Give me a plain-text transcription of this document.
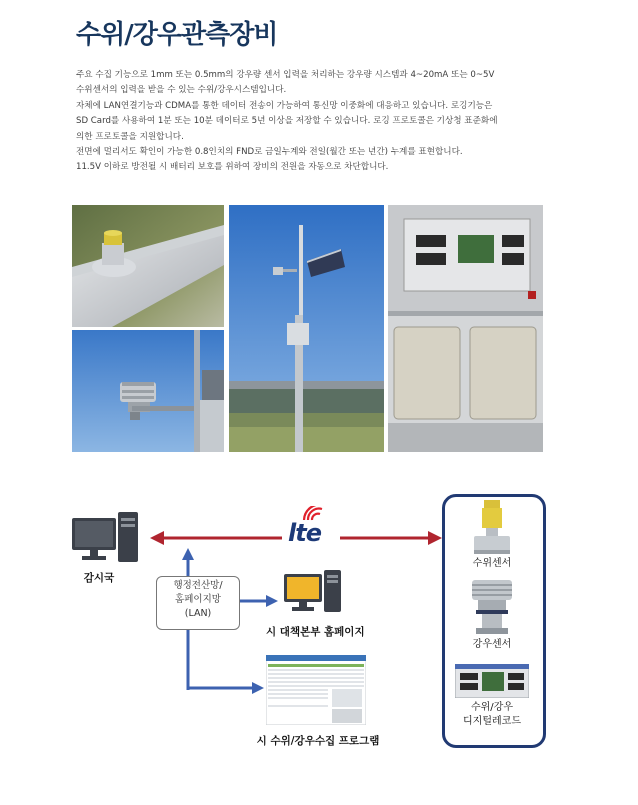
수위/강우관측장비

주요 수집 기능으로 1mm 또는 0.5mm의 강우량 센서 입력을 처리하는 강우량 시스템과 4~20mA 또는 0~5V

수위센서의 입력을 받을 수 있는 수위/강우시스템입니다.

자체에 LAN연결기능과 CDMA를 통한 데이터 전송이 가능하여 통신망 이중화에 대응하고 있습니다. 로깅기능은

SD Card를 사용하여 1분 또는 10분 데이터로 5년 이상을 저장할 수 있습니다. 로깅 프로토콜은 기상청 표준화에

의한 프로토콜을 지원합니다.

전면에 멀리서도 확인이 가능한 0.8인치의 FND로 금일누계와 전일(월간 또는 년간) 누계를 표현합니다.

11.5V 이하로 방전될 시 배터리 보호를 위하여 장비의 전원을 자동으로 차단합니다.

감시국
lte
행정전산망/
홈페이지망
(LAN)
시 대책본부 홈페이지
시 수위/강우수집 프로그램
수위센서
강우센서
수위/강우
디지털레코드
